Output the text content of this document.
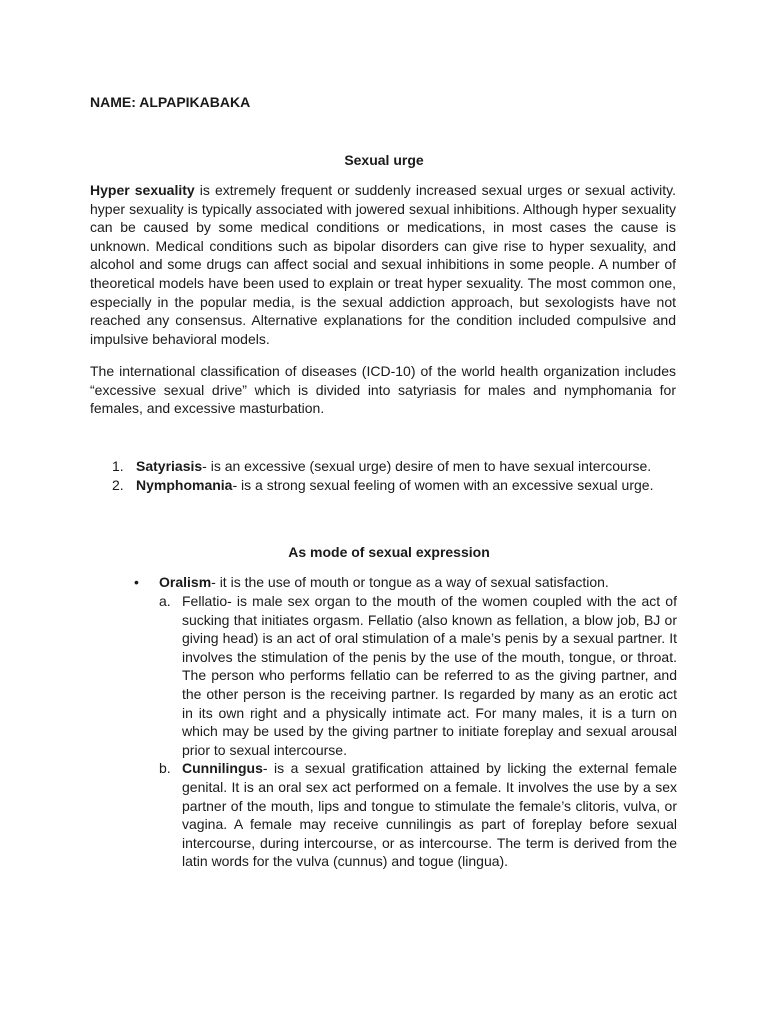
NAME: ALPAPIKABAKA
Sexual urge

Hyper sexuality is extremely frequent or suddenly increased sexual urges or sexual activity. hyper sexuality is typically associated with jowered sexual inhibitions. Although hyper sexuality can be caused by some medical conditions or medications, in most cases the cause is unknown. Medical conditions such as bipolar disorders can give rise to hyper sexuality, and alcohol and some drugs can affect social and sexual inhibitions in some people. A number of theoretical models have been used to explain or treat hyper sexuality. The most common one, especially in the popular media, is the sexual addiction approach, but sexologists have not reached any consensus. Alternative explanations for the condition included compulsive and impulsive behavioral models.

The international classification of diseases (ICD-10) of the world health organization includes “excessive sexual drive” which is divided into satyriasis for males and nymphomania for females, and excessive masturbation.

1. Satyriasis- is an excessive (sexual urge) desire of men to have sexual intercourse.
2. Nymphomania- is a strong sexual feeling of women with an excessive sexual urge.
As mode of sexual expression

• Oralism- it is the use of mouth or tongue as a way of sexual satisfaction.

a. Fellatio- is male sex organ to the mouth of the women coupled with the act of sucking that initiates orgasm. Fellatio (also known as fellation, a blow job, BJ or giving head) is an act of oral stimulation of a male’s penis by a sexual partner. It involves the stimulation of the penis by the use of the mouth, tongue, or throat. The person who performs fellatio can be referred to as the giving partner, and the other person is the receiving partner. Is regarded by many as an erotic act in its own right and a physically intimate act. For many males, it is a turn on which may be used by the giving partner to initiate foreplay and sexual arousal prior to sexual intercourse.
b. Cunnilingus- is a sexual gratification attained by licking the external female genital. It is an oral sex act performed on a female. It involves the use by a sex partner of the mouth, lips and tongue to stimulate the female’s clitoris, vulva, or vagina. A female may receive cunnilingis as part of foreplay before sexual intercourse, during intercourse, or as intercourse. The term is derived from the latin words for the vulva (cunnus) and togue (lingua).
